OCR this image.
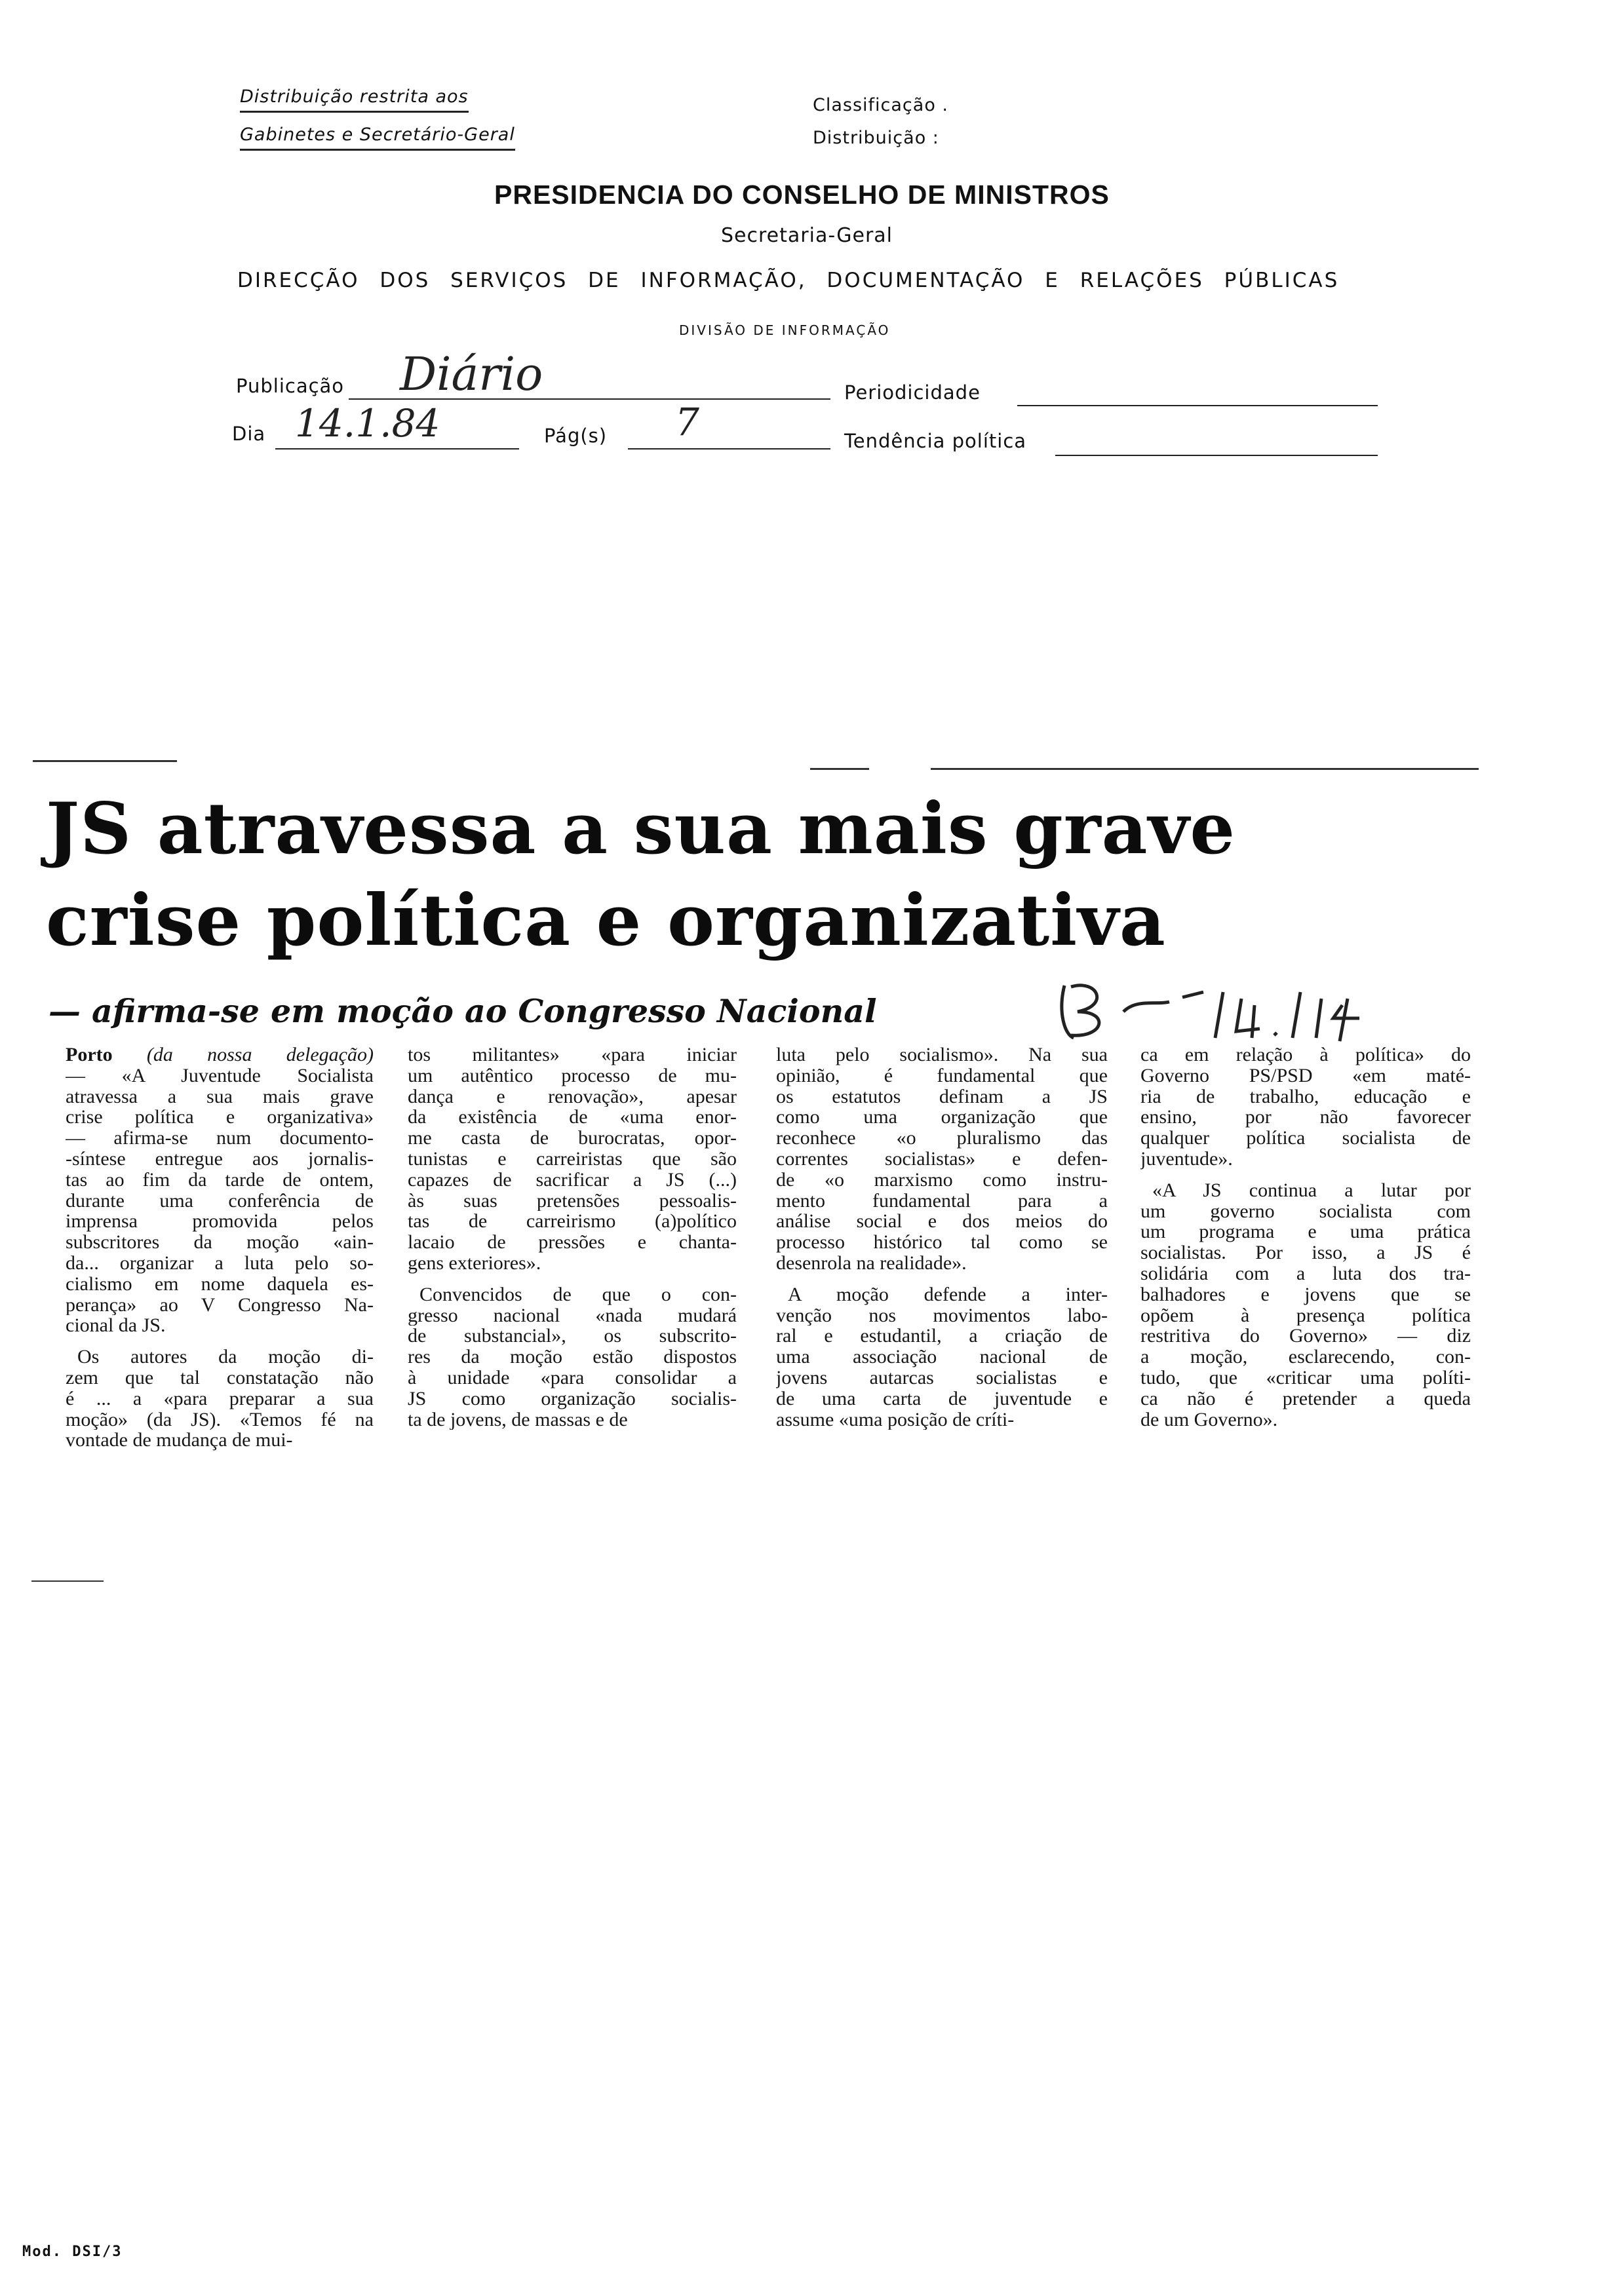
Distribuição restrita aos
Gabinetes e Secretário-Geral
Classificação .
Distribuição :
PRESIDENCIA DO CONSELHO DE MINISTROS
Secretaria-Geral
DIRECÇÃO DOS SERVIÇOS DE INFORMAÇÃO, DOCUMENTAÇÃO E RELAÇÕES PÚBLICAS
DIVISÃO DE INFORMAÇÃO
Publicação Diário	Periodicidade
Dia 14.1.84	Pág(s) 7	Tendência política
JS atravessa a sua mais grave
crise política e organizativa
— afirma-se em moção ao Congresso Nacional
Porto (da nossa delegação)
— «A Juventude Socialista
atravessa a sua mais grave
crise política e organizativa»
— afirma-se num documento-
-síntese entregue aos jornalis-
tas ao fim da tarde de ontem,
durante uma conferência de
imprensa promovida pelos
subscritores da moção «ain-
da... organizar a luta pelo so-
cialismo em nome daquela es-
perança» ao V Congresso Na-
cional da JS.
Os autores da moção di-
zem que tal constatação não
é ... a «para preparar a sua
moção» (da JS). «Temos fé na
vontade de mudança de mui-
tos militantes» «para iniciar
um autêntico processo de mu-
dança e renovação», apesar
da existência de «uma enor-
me casta de burocratas, opor-
tunistas e carreiristas que são
capazes de sacrificar a JS (...)
às suas pretensões pessoalis-
tas de carreirismo (a)político
lacaio de pressões e chanta-
gens exteriores».
Convencidos de que o con-
gresso nacional «nada mudará
de substancial», os subscrito-
res da moção estão dispostos
à unidade «para consolidar a
JS como organização socialis-
ta de jovens, de massas e de
luta pelo socialismo». Na sua
opinião, é fundamental que
os estatutos definam a JS
como uma organização que
reconhece «o pluralismo das
correntes socialistas» e defen-
de «o marxismo como instru-
mento fundamental para a
análise social e dos meios do
processo histórico tal como se
desenrola na realidade».
A moção defende a inter-
venção nos movimentos labo-
ral e estudantil, a criação de
uma associação nacional de
jovens autarcas socialistas e
de uma carta de juventude e
assume «uma posição de críti-
ca em relação à política» do
Governo PS/PSD «em maté-
ria de trabalho, educação e
ensino, por não favorecer
qualquer política socialista de
juventude».
«A JS continua a lutar por
um governo socialista com
um programa e uma prática
socialistas. Por isso, a JS é
solidária com a luta dos tra-
balhadores e jovens que se
opõem à presença política
restritiva do Governo» — diz
a moção, esclarecendo, con-
tudo, que «criticar uma políti-
ca não é pretender a queda
de um Governo».
Mod. DSI/3
